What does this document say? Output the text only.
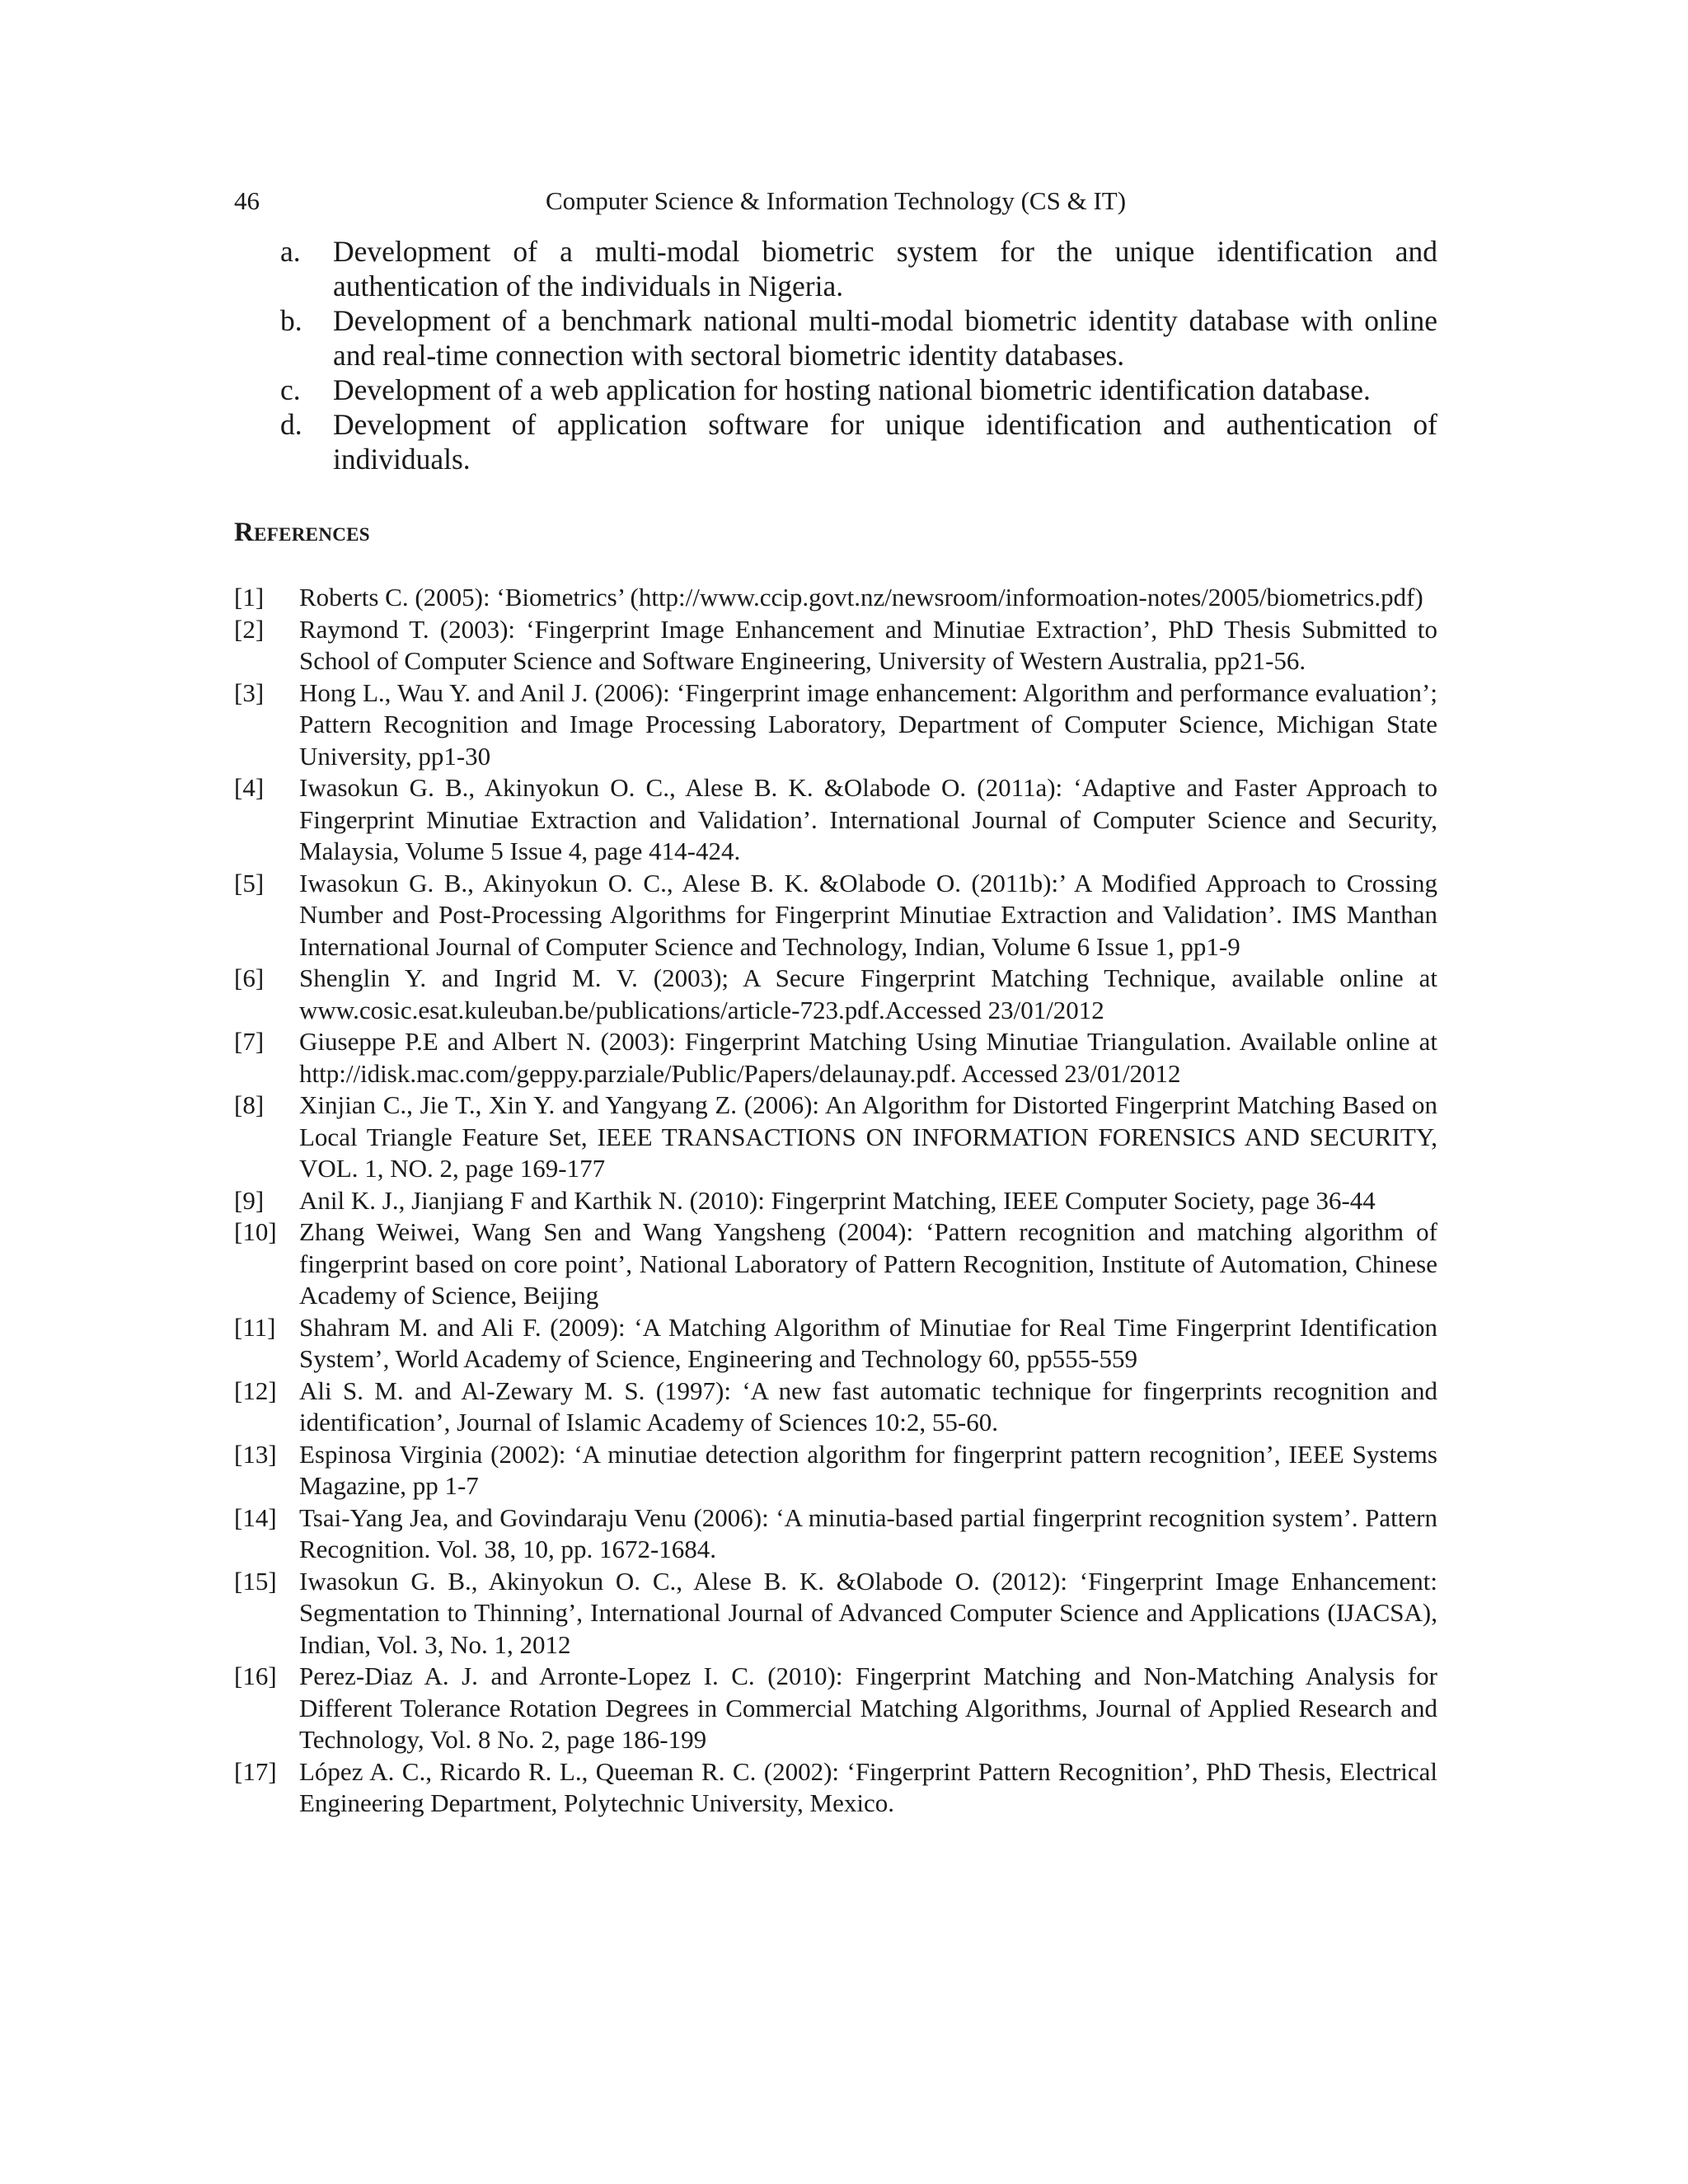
46	Computer Science & Information Technology (CS & IT)
a. Development of a multi-modal biometric system for the unique identification and authentication of the individuals in Nigeria.
b. Development of a benchmark national multi-modal biometric identity database with online and real-time connection with sectoral biometric identity databases.
c. Development of a web application for hosting national biometric identification database.
d. Development of application software for unique identification and authentication of individuals.
References
[1] Roberts C. (2005): ‘Biometrics’ (http://www.ccip.govt.nz/newsroom/informoation-notes/2005/biometrics.pdf)
[2] Raymond T. (2003): ‘Fingerprint Image Enhancement and Minutiae Extraction’, PhD Thesis Submitted to School of Computer Science and Software Engineering, University of Western Australia, pp21-56.
[3] Hong L., Wau Y. and Anil J. (2006): ‘Fingerprint image enhancement: Algorithm and performance evaluation’; Pattern Recognition and Image Processing Laboratory, Department of Computer Science, Michigan State University, pp1-30
[4] Iwasokun G. B., Akinyokun O. C., Alese B. K. &Olabode O. (2011a): ‘Adaptive and Faster Approach to Fingerprint Minutiae Extraction and Validation’. International Journal of Computer Science and Security, Malaysia, Volume 5 Issue 4, page 414-424.
[5] Iwasokun G. B., Akinyokun O. C., Alese B. K. &Olabode O. (2011b):’ A Modified Approach to Crossing Number and Post-Processing Algorithms for Fingerprint Minutiae Extraction and Validation’. IMS Manthan International Journal of Computer Science and Technology, Indian, Volume 6 Issue 1, pp1-9
[6] Shenglin Y. and Ingrid M. V. (2003); A Secure Fingerprint Matching Technique, available online at www.cosic.esat.kuleuban.be/publications/article-723.pdf.Accessed 23/01/2012
[7] Giuseppe P.E and Albert N. (2003): Fingerprint Matching Using Minutiae Triangulation. Available online at http://idisk.mac.com/geppy.parziale/Public/Papers/delaunay.pdf. Accessed 23/01/2012
[8] Xinjian C., Jie T., Xin Y. and Yangyang Z. (2006): An Algorithm for Distorted Fingerprint Matching Based on Local Triangle Feature Set, IEEE TRANSACTIONS ON INFORMATION FORENSICS AND SECURITY, VOL. 1, NO. 2, page 169-177
[9] Anil K. J., Jianjiang F and Karthik N. (2010): Fingerprint Matching, IEEE Computer Society, page 36-44
[10] Zhang Weiwei, Wang Sen and Wang Yangsheng (2004): ‘Pattern recognition and matching algorithm of fingerprint based on core point’, National Laboratory of Pattern Recognition, Institute of Automation, Chinese Academy of Science, Beijing
[11] Shahram M. and Ali F. (2009): ‘A Matching Algorithm of Minutiae for Real Time Fingerprint Identification System’, World Academy of Science, Engineering and Technology 60, pp555-559
[12] Ali S. M. and Al-Zewary M. S. (1997): ‘A new fast automatic technique for fingerprints recognition and identification’, Journal of Islamic Academy of Sciences 10:2, 55-60.
[13] Espinosa Virginia (2002): ‘A minutiae detection algorithm for fingerprint pattern recognition’, IEEE Systems Magazine, pp 1-7
[14] Tsai-Yang Jea, and Govindaraju Venu (2006): ‘A minutia-based partial fingerprint recognition system’. Pattern Recognition. Vol. 38, 10, pp. 1672-1684.
[15] Iwasokun G. B., Akinyokun O. C., Alese B. K. &Olabode O. (2012): ‘Fingerprint Image Enhancement: Segmentation to Thinning’, International Journal of Advanced Computer Science and Applications (IJACSA), Indian, Vol. 3, No. 1, 2012
[16] Perez-Diaz A. J. and Arronte-Lopez I. C. (2010): Fingerprint Matching and Non-Matching Analysis for Different Tolerance Rotation Degrees in Commercial Matching Algorithms, Journal of Applied Research and Technology, Vol. 8 No. 2, page 186-199
[17] López A. C., Ricardo R. L., Queeman R. C. (2002): ‘Fingerprint Pattern Recognition’, PhD Thesis, Electrical Engineering Department, Polytechnic University, Mexico.
